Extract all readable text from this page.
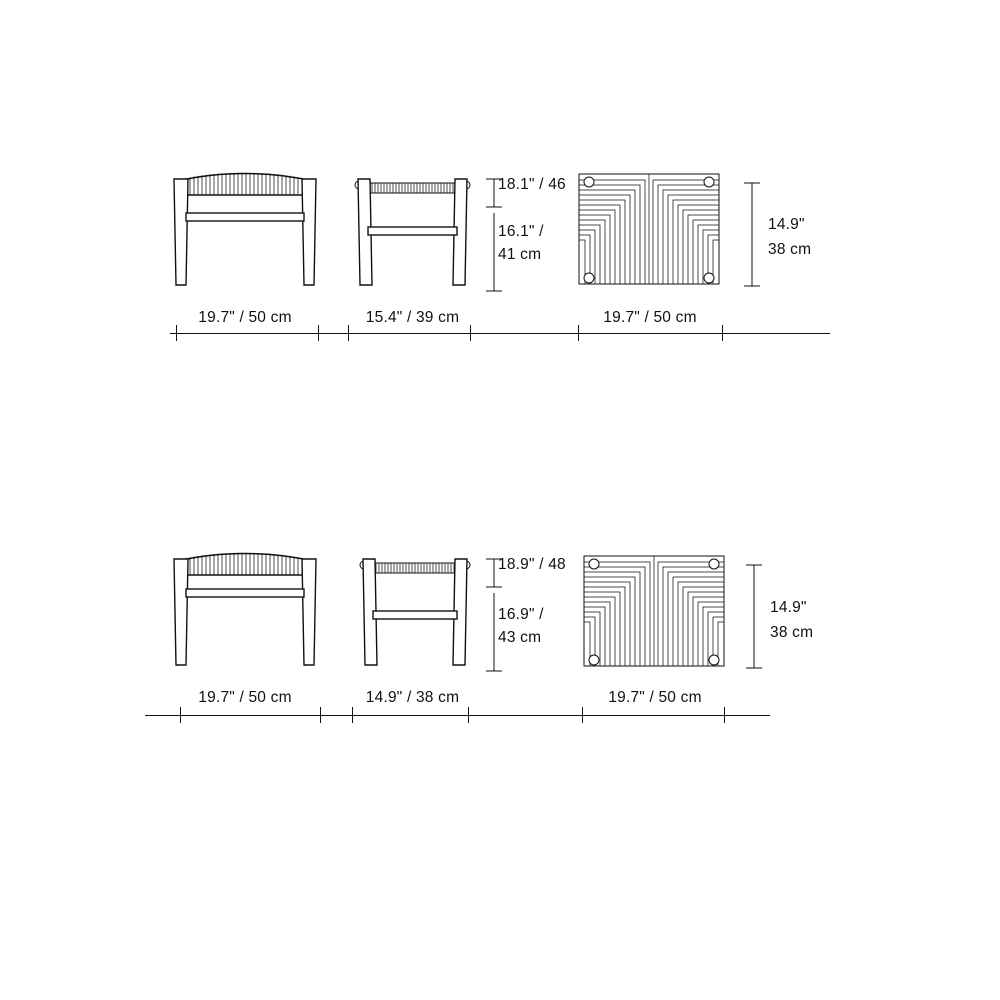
19.7" / 50 cm	15.4" / 39 cm
18.1" / 46
16.1" /
41 cm
19.7" / 50 cm
14.9"
38 cm
19.7" / 50 cm	14.9" / 38 cm
18.9" / 48
16.9" /
43 cm
19.7" / 50 cm
14.9"
38 cm
